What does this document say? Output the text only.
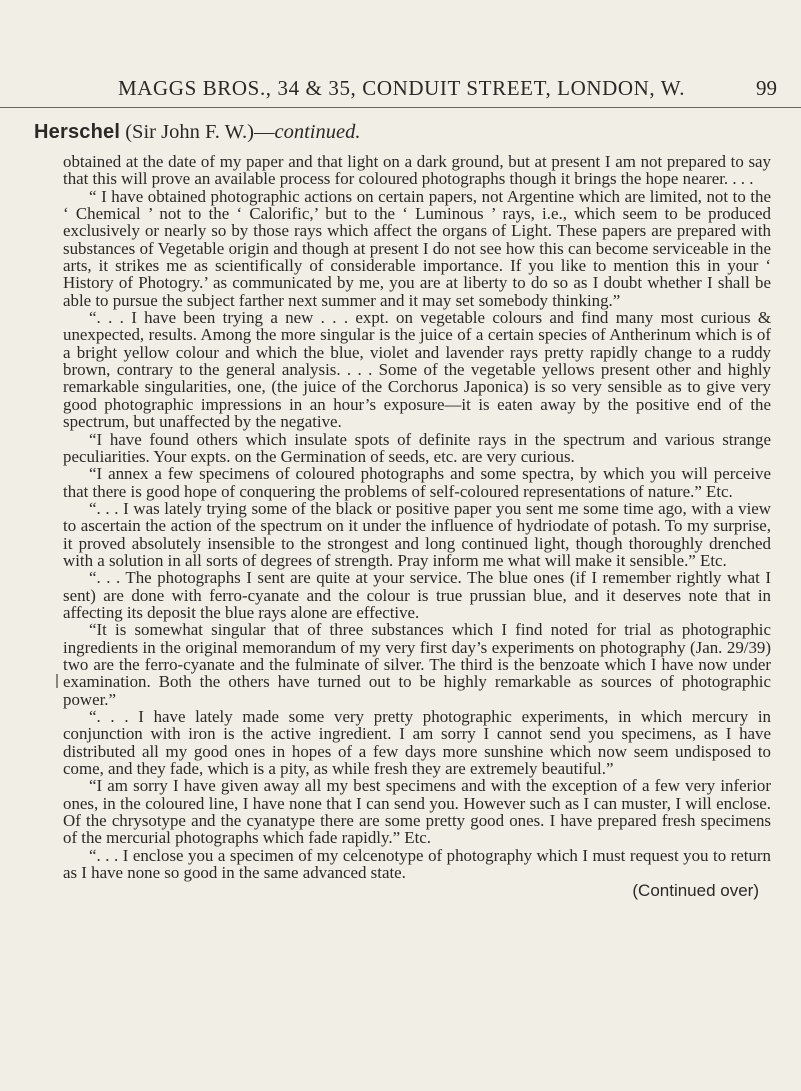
MAGGS BROS., 34 & 35, CONDUIT STREET, LONDON, W.	99
Herschel (Sir John F. W.)—continued.

obtained at the date of my paper and that light on a dark ground, but at present I am not prepared to say that this will prove an available process for coloured photographs though it brings the hope nearer. . . .

“ I have obtained photographic actions on certain papers, not Argentine which are limited, not to the ‘ Chemical ’ not to the ‘ Calorific,’ but to the ‘ Luminous ’ rays, i.e., which seem to be produced exclusively or nearly so by those rays which affect the organs of Light. These papers are prepared with substances of Vegetable origin and though at present I do not see how this can become serviceable in the arts, it strikes me as scientifically of considerable importance. If you like to mention this in your ‘ History of Photogry.’ as communicated by me, you are at liberty to do so as I doubt whether I shall be able to pursue the subject farther next summer and it may set somebody thinking.”

“. . . I have been trying a new . . . expt. on vegetable colours and find many most curious & unexpected, results. Among the more singular is the juice of a certain species of Antherinum which is of a bright yellow colour and which the blue, violet and lavender rays pretty rapidly change to a ruddy brown, contrary to the general analysis. . . . Some of the vegetable yellows present other and highly remarkable singularities, one, (the juice of the Corchorus Japonica) is so very sensible as to give very good photographic impressions in an hour’s exposure—it is eaten away by the positive end of the spectrum, but unaffected by the negative.

“I have found others which insulate spots of definite rays in the spectrum and various strange peculiarities. Your expts. on the Germination of seeds, etc. are very curious.

“I annex a few specimens of coloured photographs and some spectra, by which you will perceive that there is good hope of conquering the problems of self-coloured representations of nature.” Etc.

“. . . I was lately trying some of the black or positive paper you sent me some time ago, with a view to ascertain the action of the spectrum on it under the influence of hydriodate of potash. To my surprise, it proved absolutely insensible to the strongest and long continued light, though thoroughly drenched with a solution in all sorts of degrees of strength. Pray inform me what will make it sensible.” Etc.

“. . . The photographs I sent are quite at your service. The blue ones (if I remember rightly what I sent) are done with ferro-cyanate and the colour is true prussian blue, and it deserves note that in affecting its deposit the blue rays alone are effective.

“It is somewhat singular that of three substances which I find noted for trial as photographic ingredients in the original memorandum of my very first day’s experiments on photography (Jan. 29/39) two are the ferro-cyanate and the fulminate of silver. The third is the benzoate which I have now under examination. Both the others have turned out to be highly remarkable as sources of photographic power.”

“. . . I have lately made some very pretty photographic experiments, in which mercury in conjunction with iron is the active ingredient. I am sorry I cannot send you specimens, as I have distributed all my good ones in hopes of a few days more sunshine which now seem undisposed to come, and they fade, which is a pity, as while fresh they are extremely beautiful.”

“I am sorry I have given away all my best specimens and with the exception of a few very inferior ones, in the coloured line, I have none that I can send you. However such as I can muster, I will enclose. Of the chrysotype and the cyanatype there are some pretty good ones. I have prepared fresh specimens of the mercurial photographs which fade rapidly.” Etc.

“. . . I enclose you a specimen of my celcenotype of photography which I must request you to return as I have none so good in the same advanced state.

(Continued over)
